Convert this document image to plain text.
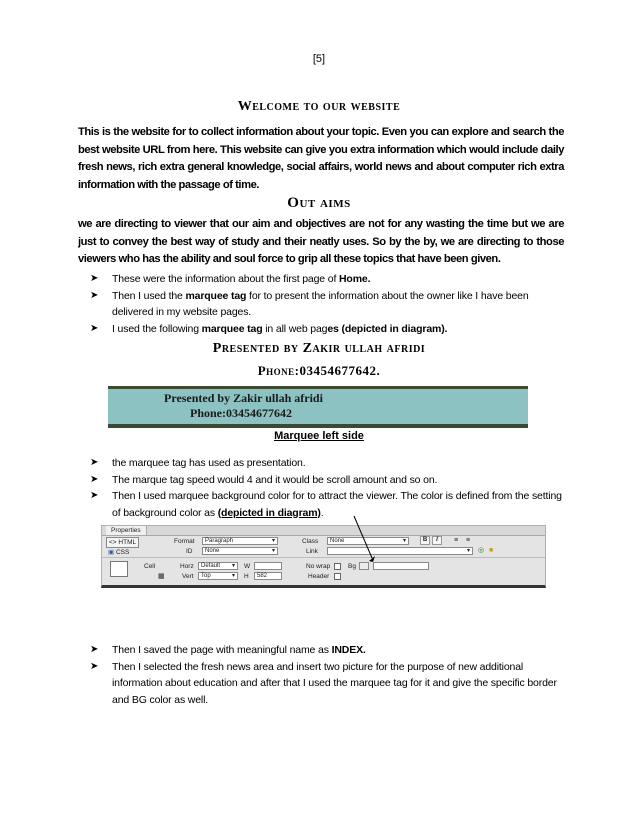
[5]
Welcome to our website
This is the website for to collect information about your topic. Even you can explore and search the best website URL from here. This website can give you extra information which would include daily fresh news, rich extra general knowledge, social affairs, world news and about computer rich extra information with the passage of time.
Out aims
we are directing to viewer that our aim and objectives are not for any wasting the time but we are just to convey the best way of study and their neatly uses. So by the by, we are directing to those viewers who has the ability and soul force to grip all these topics that have been given.
➤ These were the information about the first page of Home.
➤ Then I used the marquee tag for to present the information about the owner like I have been delivered in my website pages.
➤ I used the following marquee tag in all web pages (depicted in diagram).
Presented by Zakir ullah afridi
Phone:03454677642.
Presented by Zakir ullah afridi
Phone:03454677642
Marquee left side
➤ the marquee tag has used as presentation.
➤ The marque tag speed would 4 and it would be scroll amount and so on.
➤ Then I used marquee background color for to attract the viewer. The color is defined from the setting of background color as (depicted in diagram).
Properties
<> HTML
▣ CSS
Format	Paragraph	▾
ID	None	▾
Class	None	▾
Link	▾
B	I	≡ ≡
◎ ■
Cell
▦
Horz	Default ▾
Vert	Top	▾
W
H	582
No wrap
Header
Bg
➤ Then I saved the page with meaningful name as INDEX.
➤ Then I selected the fresh news area and insert two picture for the purpose of new additional information about education and after that I used the marquee tag for it and give the specific border and BG color as well.
